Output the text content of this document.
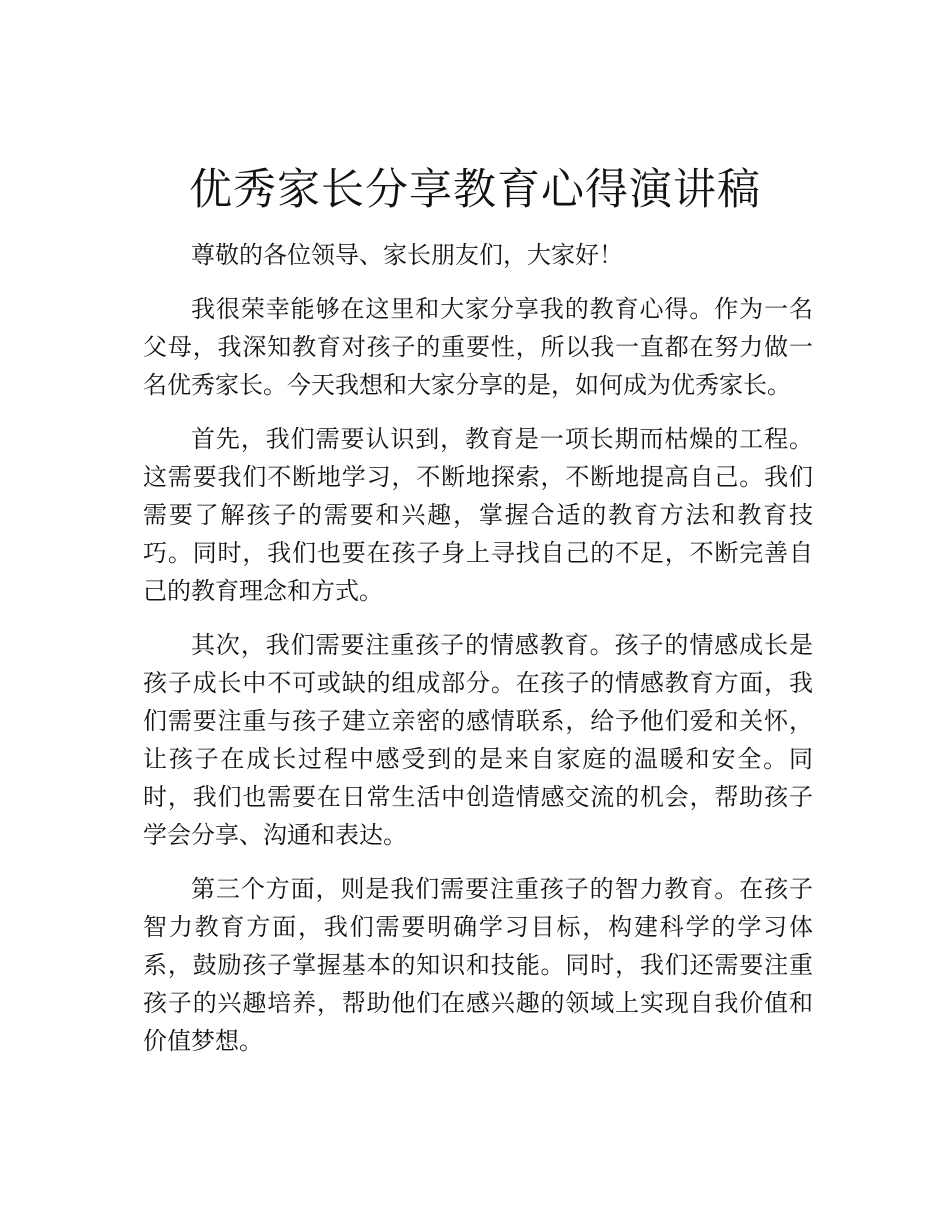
优秀家长分享教育心得演讲稿

尊敬的各位领导、家长朋友们，大家好！

我很荣幸能够在这里和大家分享我的教育心得。作为一名父母，我深知教育对孩子的重要性，所以我一直都在努力做一名优秀家长。今天我想和大家分享的是，如何成为优秀家长。

首先，我们需要认识到，教育是一项长期而枯燥的工程。这需要我们不断地学习，不断地探索，不断地提高自己。我们需要了解孩子的需要和兴趣，掌握合适的教育方法和教育技巧。同时，我们也要在孩子身上寻找自己的不足，不断完善自己的教育理念和方式。

其次，我们需要注重孩子的情感教育。孩子的情感成长是孩子成长中不可或缺的组成部分。在孩子的情感教育方面，我们需要注重与孩子建立亲密的感情联系，给予他们爱和关怀，让孩子在成长过程中感受到的是来自家庭的温暖和安全。同时，我们也需要在日常生活中创造情感交流的机会，帮助孩子学会分享、沟通和表达。

第三个方面，则是我们需要注重孩子的智力教育。在孩子智力教育方面，我们需要明确学习目标，构建科学的学习体系，鼓励孩子掌握基本的知识和技能。同时，我们还需要注重孩子的兴趣培养，帮助他们在感兴趣的领域上实现自我价值和价值梦想。
